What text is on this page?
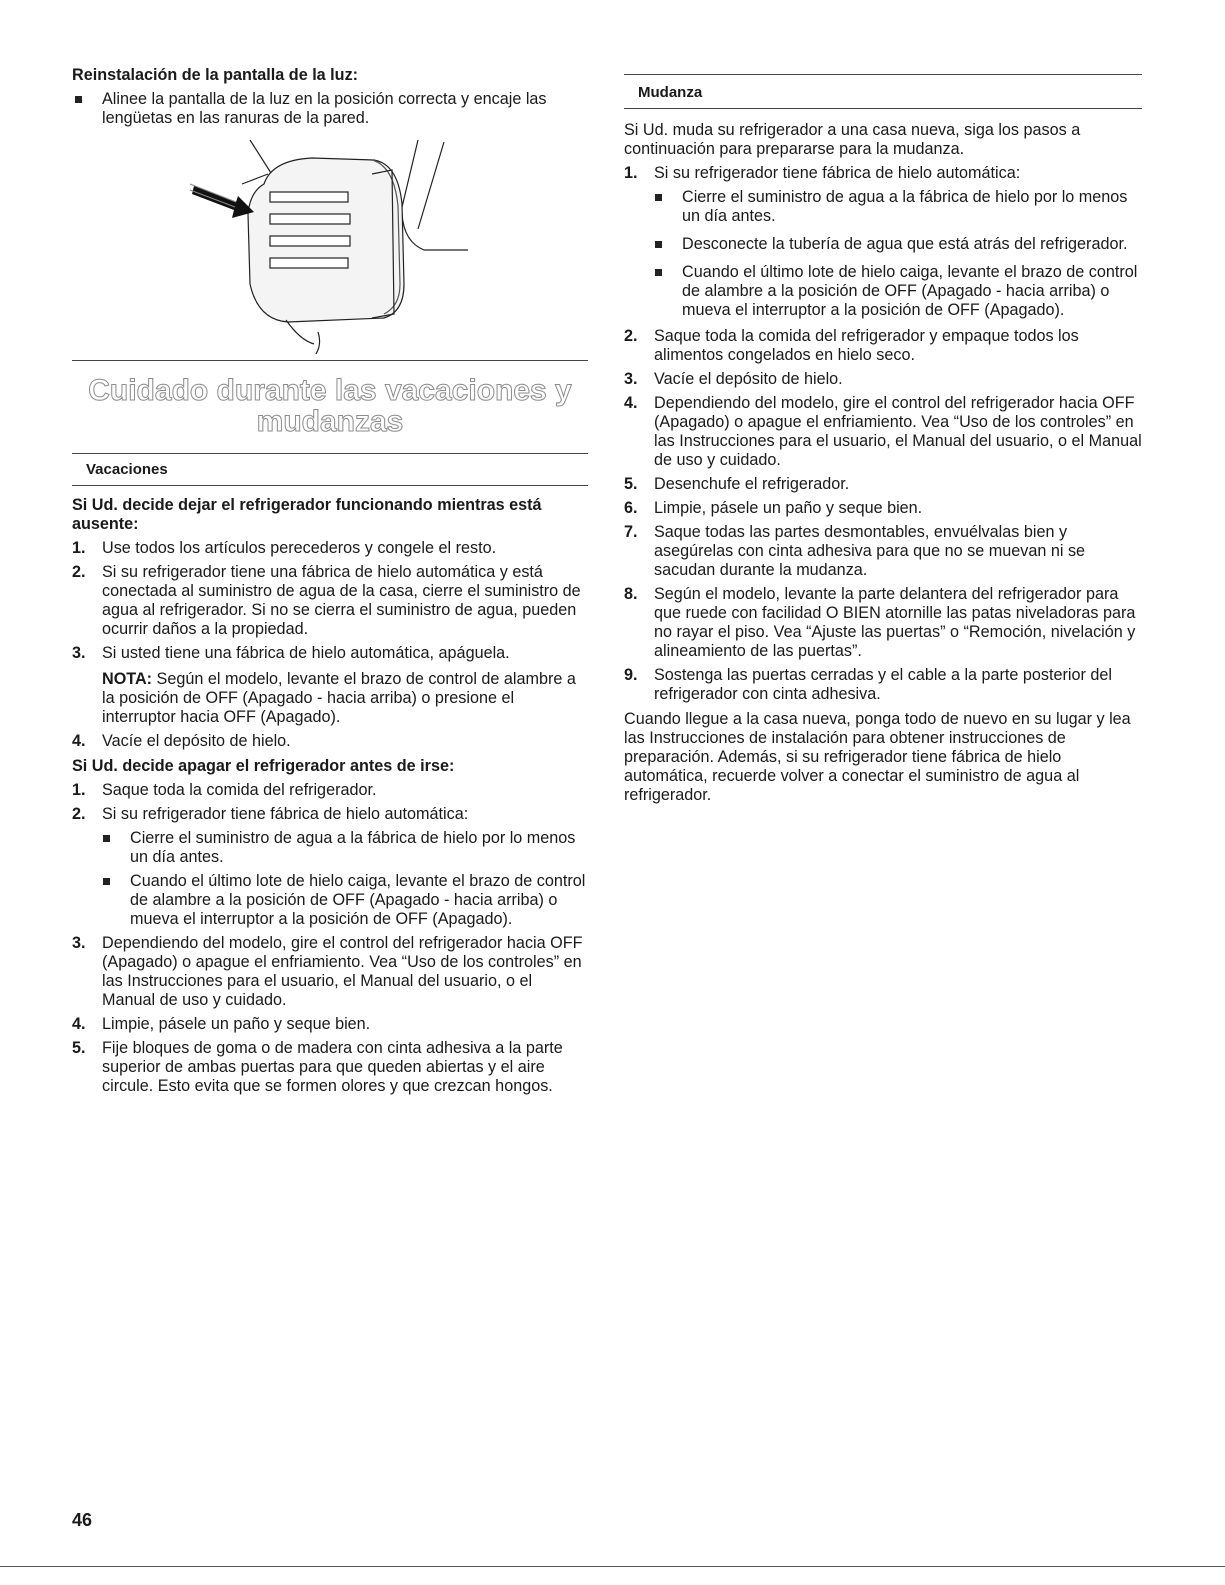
Reinstalación de la pantalla de la luz:

Alinee la pantalla de la luz en la posición correcta y encaje las lengüetas en las ranuras de la pared.
Cuidado durante las vacaciones y
mudanzas
Vacaciones

Si Ud. decide dejar el refrigerador funcionando mientras está ausente:

1. Use todos los artículos perecederos y congele el resto.
2. Si su refrigerador tiene una fábrica de hielo automática y está conectada al suministro de agua de la casa, cierre el suministro de agua al refrigerador. Si no se cierra el suministro de agua, pueden ocurrir daños a la propiedad.
3. Si usted tiene una fábrica de hielo automática, apáguela.

NOTA: Según el modelo, levante el brazo de control de alambre a la posición de OFF (Apagado - hacia arriba) o presione el interruptor hacia OFF (Apagado).

4. Vacíe el depósito de hielo.

Si Ud. decide apagar el refrigerador antes de irse:

1. Saque toda la comida del refrigerador.
2. Si su refrigerador tiene fábrica de hielo automática:
Cierre el suministro de agua a la fábrica de hielo por lo menos un día antes.
Cuando el último lote de hielo caiga, levante el brazo de control de alambre a la posición de OFF (Apagado - hacia arriba) o mueva el interruptor a la posición de OFF (Apagado).
3. Dependiendo del modelo, gire el control del refrigerador hacia OFF (Apagado) o apague el enfriamiento. Vea “Uso de los controles” en las Instrucciones para el usuario, el Manual del usuario, o el Manual de uso y cuidado.
4. Limpie, pásele un paño y seque bien.
5. Fije bloques de goma o de madera con cinta adhesiva a la parte superior de ambas puertas para que queden abiertas y el aire circule. Esto evita que se formen olores y que crezcan hongos.
Mudanza

Si Ud. muda su refrigerador a una casa nueva, siga los pasos a continuación para prepararse para la mudanza.

1. Si su refrigerador tiene fábrica de hielo automática:
Cierre el suministro de agua a la fábrica de hielo por lo menos un día antes.
Desconecte la tubería de agua que está atrás del refrigerador.
Cuando el último lote de hielo caiga, levante el brazo de control de alambre a la posición de OFF (Apagado - hacia arriba) o mueva el interruptor a la posición de OFF (Apagado).
2. Saque toda la comida del refrigerador y empaque todos los alimentos congelados en hielo seco.
3. Vacíe el depósito de hielo.
4. Dependiendo del modelo, gire el control del refrigerador hacia OFF (Apagado) o apague el enfriamiento. Vea “Uso de los controles” en las Instrucciones para el usuario, el Manual del usuario, o el Manual de uso y cuidado.
5. Desenchufe el refrigerador.
6. Limpie, pásele un paño y seque bien.
7. Saque todas las partes desmontables, envuélvalas bien y asegúrelas con cinta adhesiva para que no se muevan ni se sacudan durante la mudanza.
8. Según el modelo, levante la parte delantera del refrigerador para que ruede con facilidad O BIEN atornille las patas niveladoras para no rayar el piso. Vea “Ajuste las puertas” o “Remoción, nivelación y alineamiento de las puertas”.
9. Sostenga las puertas cerradas y el cable a la parte posterior del refrigerador con cinta adhesiva.

Cuando llegue a la casa nueva, ponga todo de nuevo en su lugar y lea las Instrucciones de instalación para obtener instrucciones de preparación. Además, si su refrigerador tiene fábrica de hielo automática, recuerde volver a conectar el suministro de agua al refrigerador.

46
